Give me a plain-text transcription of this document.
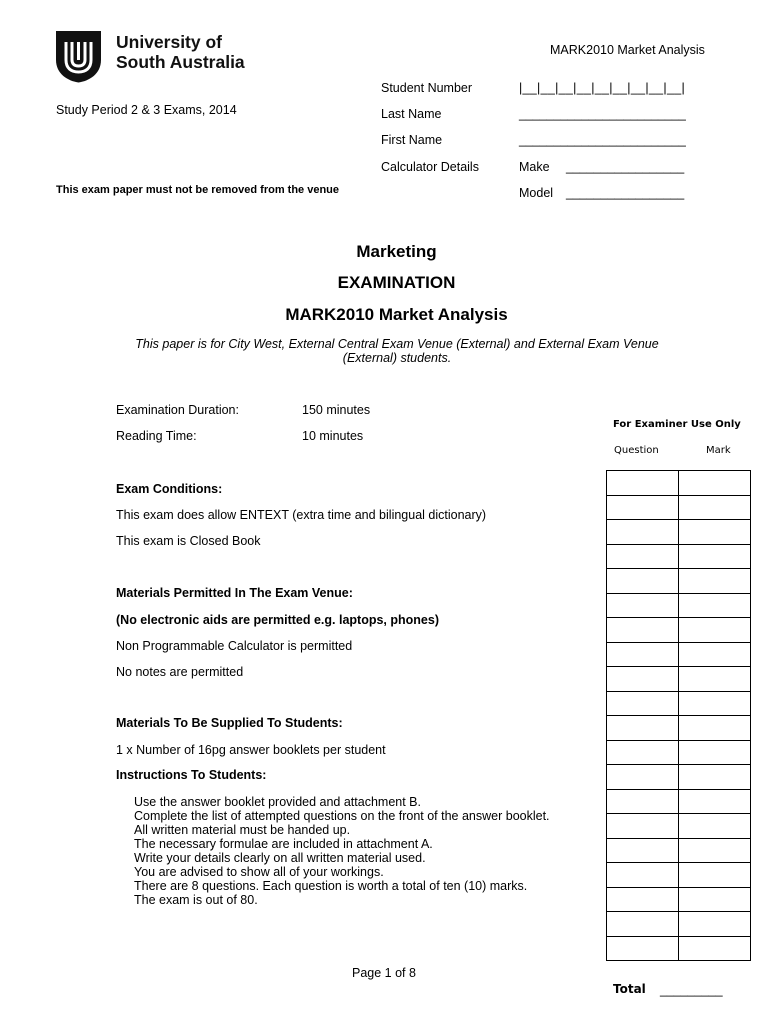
University of
South Australia
MARK2010 Market Analysis
Study Period 2 & 3 Exams, 2014
This exam paper must not be removed from the venue
Student Number	|__|__|__|__|__|__|__|__|__|
Last Name	________________________
First Name	________________________
Calculator Details	Make _________________
Model _________________
Marketing
EXAMINATION
MARK2010 Market Analysis
This paper is for City West, External Central Exam Venue (External) and External Exam Venue (External) students.
Examination Duration:	150 minutes
Reading Time:	10 minutes
Exam Conditions:
This exam does allow ENTEXT (extra time and bilingual dictionary)
This exam is Closed Book
Materials Permitted In The Exam Venue:
(No electronic aids are permitted e.g. laptops, phones)
Non Programmable Calculator is permitted
No notes are permitted
Materials To Be Supplied To Students:
1 x Number of 16pg answer booklets per student
Instructions To Students:
Use the answer booklet provided and attachment B.
Complete the list of attempted questions on the front of the answer booklet.
All written material must be handed up.
The necessary formulae are included in attachment A.
Write your details clearly on all written material used.
You are advised to show all of your workings.
There are 8 questions. Each question is worth a total of ten (10) marks.
The exam is out of 80.
For Examiner Use Only
Question	Mark

Total _________
Page 1 of 8
